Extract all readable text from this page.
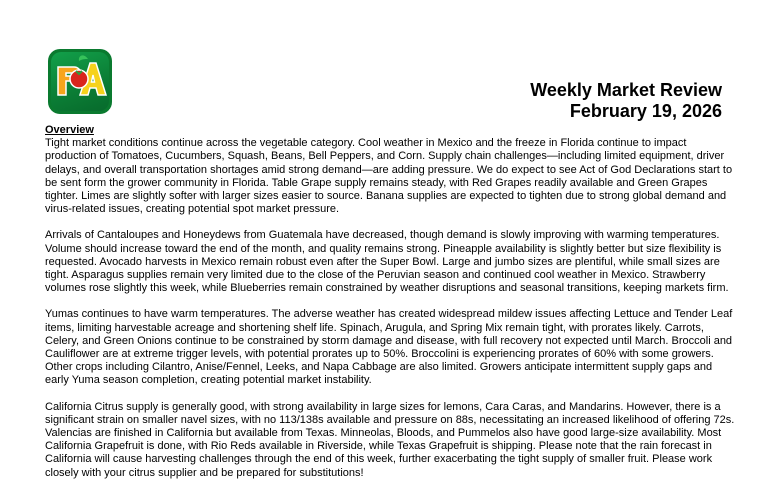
Weekly Market Review
February 19, 2026

Overview

Tight market conditions continue across the vegetable category. Cool weather in Mexico and the freeze in Florida continue to impact production of Tomatoes, Cucumbers, Squash, Beans, Bell Peppers, and Corn. Supply chain challenges—including limited equipment, driver delays, and overall transportation shortages amid strong demand—are adding pressure. We do expect to see Act of God Declarations start to be sent form the grower community in Florida. Table Grape supply remains steady, with Red Grapes readily available and Green Grapes tighter. Limes are slightly softer with larger sizes easier to source. Banana supplies are expected to tighten due to strong global demand and virus-related issues, creating potential spot market pressure.

Arrivals of Cantaloupes and Honeydews from Guatemala have decreased, though demand is slowly improving with warming temperatures. Volume should increase toward the end of the month, and quality remains strong. Pineapple availability is slightly better but size flexibility is requested. Avocado harvests in Mexico remain robust even after the Super Bowl. Large and jumbo sizes are plentiful, while small sizes are tight. Asparagus supplies remain very limited due to the close of the Peruvian season and continued cool weather in Mexico. Strawberry volumes rose slightly this week, while Blueberries remain constrained by weather disruptions and seasonal transitions, keeping markets firm.

Yumas continues to have warm temperatures. The adverse weather has created widespread mildew issues affecting Lettuce and Tender Leaf items, limiting harvestable acreage and shortening shelf life. Spinach, Arugula, and Spring Mix remain tight, with prorates likely. Carrots, Celery, and Green Onions continue to be constrained by storm damage and disease, with full recovery not expected until March. Broccoli and Cauliflower are at extreme trigger levels, with potential prorates up to 50%. Broccolini is experiencing prorates of 60% with some growers. Other crops including Cilantro, Anise/Fennel, Leeks, and Napa Cabbage are also limited. Growers anticipate intermittent supply gaps and early Yuma season completion, creating potential market instability.

California Citrus supply is generally good, with strong availability in large sizes for lemons, Cara Caras, and Mandarins. However, there is a significant strain on smaller navel sizes, with no 113/138s available and pressure on 88s, necessitating an increased likelihood of offering 72s. Valencias are finished in California but available from Texas. Minneolas, Bloods, and Pummelos also have good large-size availability. Most California Grapefruit is done, with Rio Reds available in Riverside, while Texas Grapefruit is shipping. Please note that the rain forecast in California will cause harvesting challenges through the end of this week, further exacerbating the tight supply of smaller fruit. Please work closely with your citrus supplier and be prepared for substitutions!
